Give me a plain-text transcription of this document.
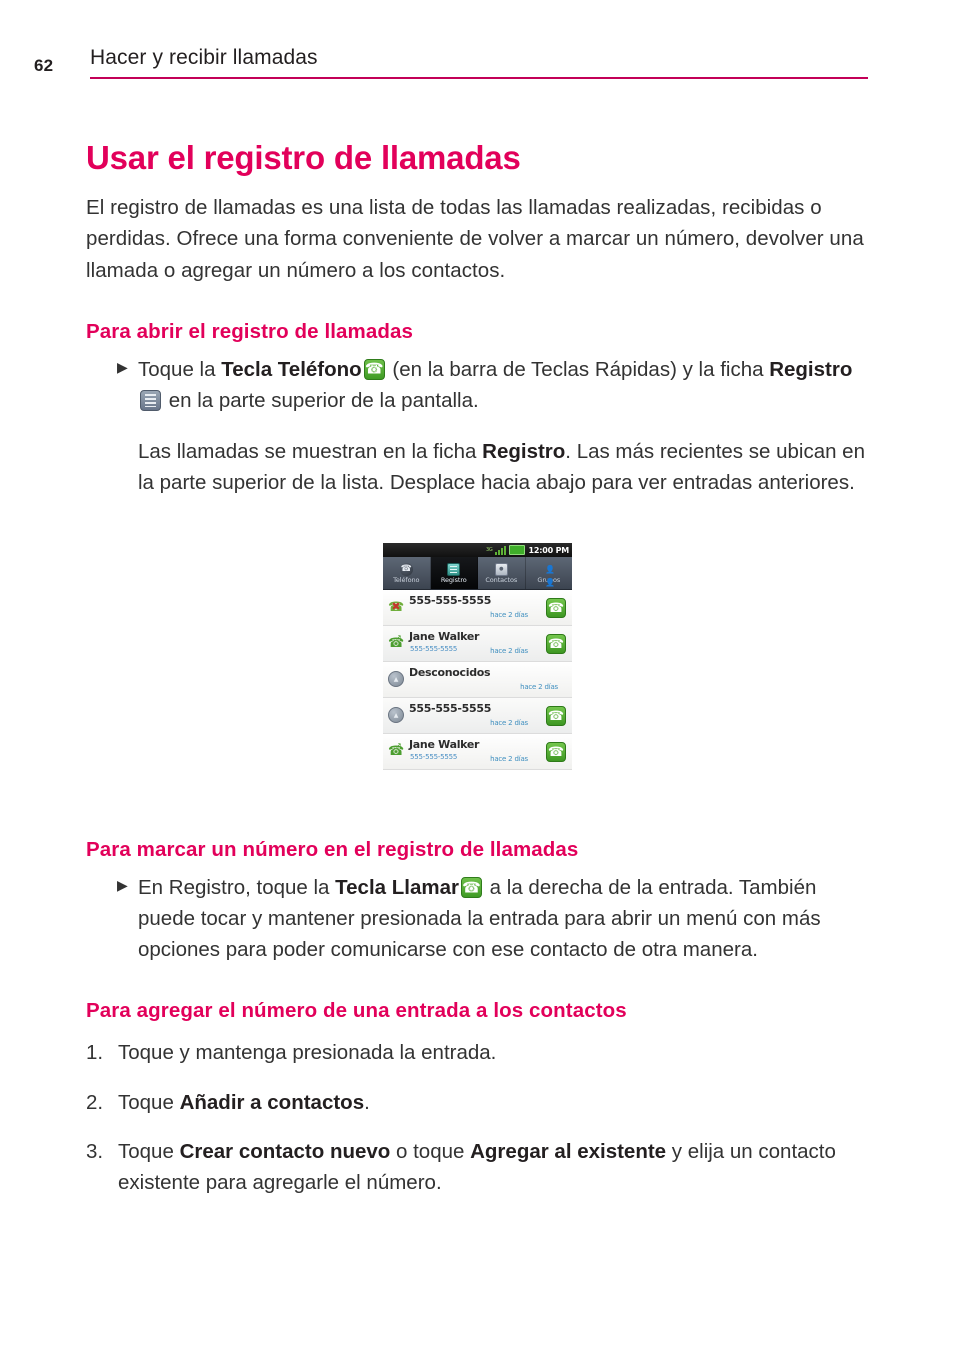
62 Hacer y recibir llamadas
Usar el registro de llamadas

El registro de llamadas es una lista de todas las llamadas realizadas, recibidas o perdidas. Ofrece una forma conveniente de volver a marcar un número, devolver una llamada o agregar un número a los contactos.

Para abrir el registro de llamadas
▶ Toque la Tecla Teléfono☎ (en la barra de Teclas Rápidas) y la ficha Registro en la parte superior de la pantalla.
Las llamadas se muestran en la ficha Registro. Las más recientes se ubican en la parte superior de la lista. Desplace hacia abajo para ver entradas anteriores.
3G	12:00 PM
☎
Teléfono	Registro
●	Contactos
👤👤	Grupos
☎ ✖
555-555-5555
hace 2 días
☎
☎ ↗
Jane Walker
555-555-5555	hace 2 días
☎
▲
Desconocidos
hace 2 días
▲
555-555-5555
hace 2 días
☎
☎ ↗
Jane Walker
555-555-5555	hace 2 días
☎
Para marcar un número en el registro de llamadas
▶ En Registro, toque la Tecla Llamar☎ a la derecha de la entrada. También puede tocar y mantener presionada la entrada para abrir un menú con más opciones para poder comunicarse con ese contacto de otra manera.
Para agregar el número de una entrada a los contactos
1. Toque y mantenga presionada la entrada.
2. Toque Añadir a contactos.
3. Toque Crear contacto nuevo o toque Agregar al existente y elija un contacto existente para agregarle el número.
